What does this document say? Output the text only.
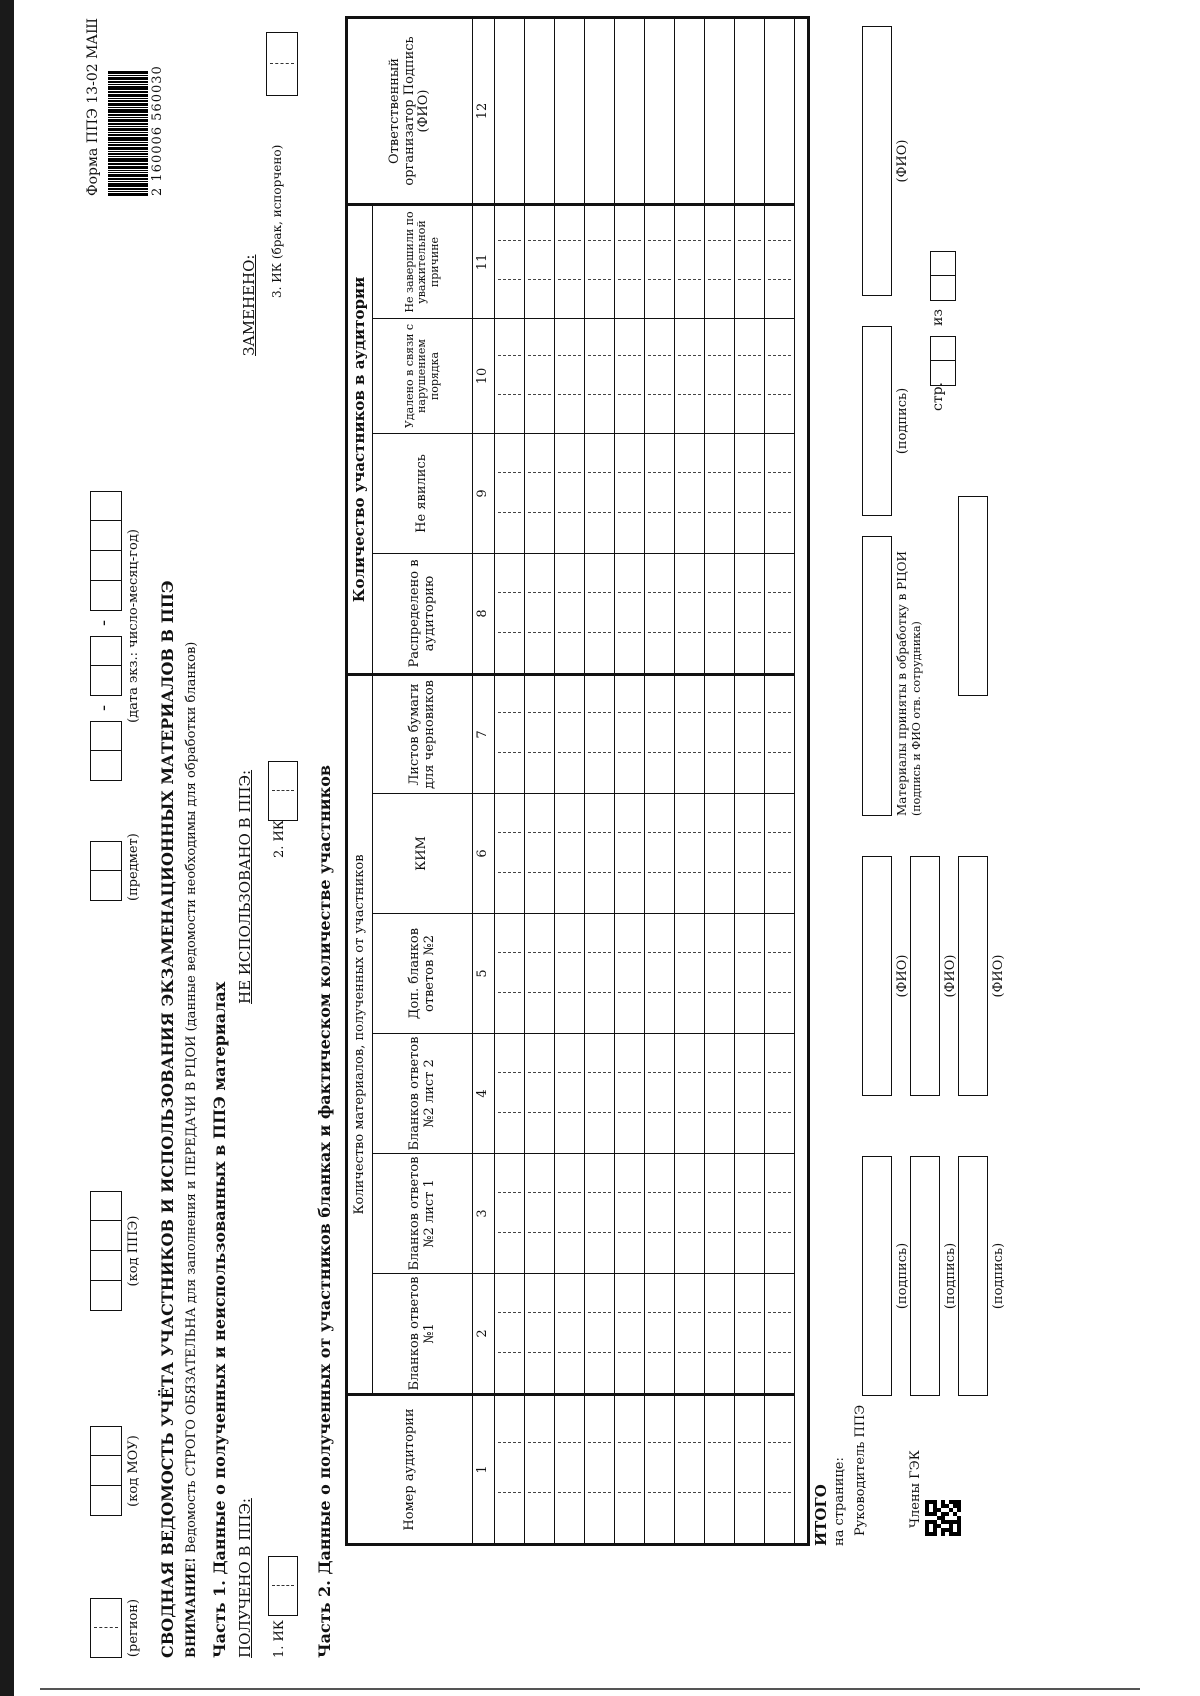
(регион)
(код МОУ)
(код ППЭ)
(предмет)
-
- (дата экз.: число-месяц-год)
Форма ППЭ 13-02 МАШ	2 160006 560030
СВОДНАЯ ВЕДОМОСТЬ УЧЁТА УЧАСТНИКОВ И ИСПОЛЬЗОВАНИЯ ЭКЗАМЕНАЦИОННЫХ МАТЕРИАЛОВ В ППЭ ВНИМАНИЕ! Ведомость СТРОГО ОБЯЗАТЕЛЬНА для заполнения и ПЕРЕДАЧИ В РЦОИ (данные ведомости необходимы для обработки бланков) Часть 1. Данные о полученных и неиспользованных в ППЭ материалах ПОЛУЧЕНО В ППЭ:
НЕ ИСПОЛЬЗОВАНО В ППЭ:
ЗАМЕНЕНО:
1. ИК
2. ИК
3. ИК (брак, испорчено)
Часть 2. Данные о полученных от участников бланках и фактическом количестве участников	Номер аудитории
Количество материалов, полученных от участников
Количество участников в аудитории
Ответственный организатор Подпись (ФИО)
Бланков ответов №1
Бланков ответов №2 лист 1
Бланков ответов №2 лист 2
Доп. бланков ответов №2
КИМ
Листов бумаги для черновиков
Распределено в аудиторию
Не явились
Удалено в связи с нарушением порядка
Не завершили по уважительной причине
1
2
3
4
5
6
7
8
9
10
11
12
ИТОГО на странице: Руководитель ППЭ
(подпись)
(ФИО)
Члены ГЭК
(подпись)
(ФИО)
(подпись)
(ФИО)
Материалы приняты в обработку в РЦОИ (подпись и ФИО отв. сотрудника)
(подпись)
(ФИО)
стр.
из
